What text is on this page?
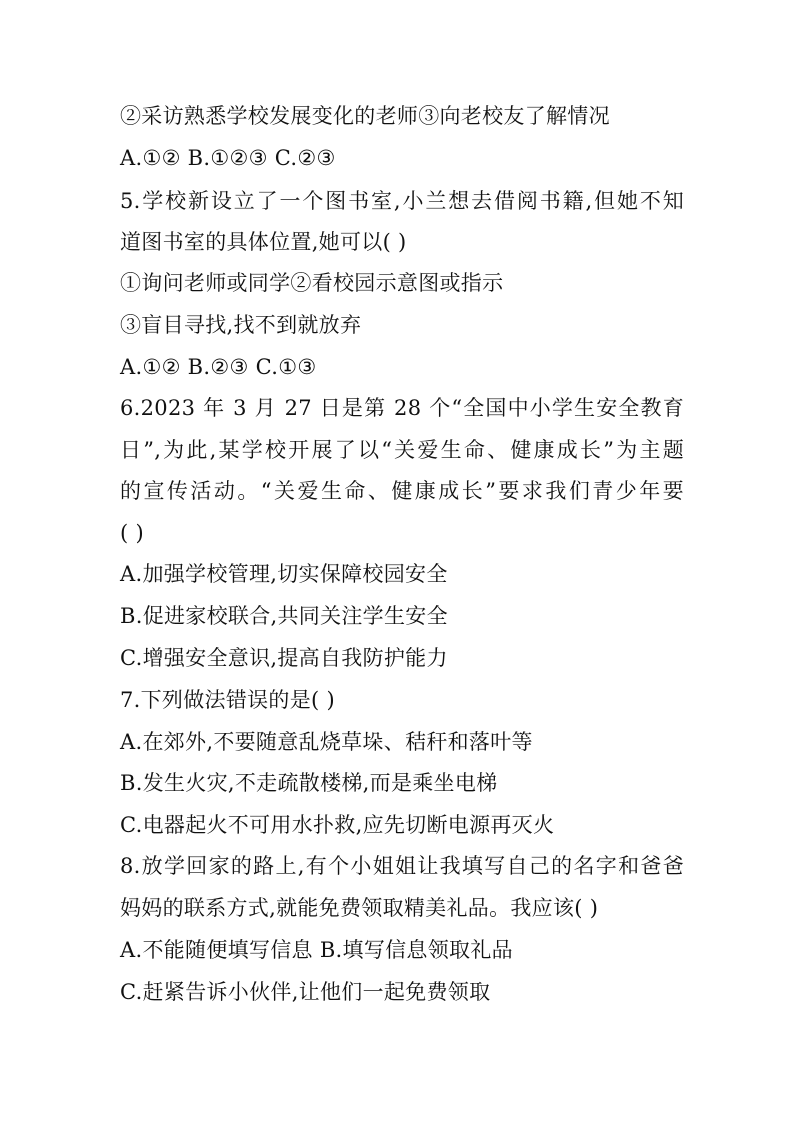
②采访熟悉学校发展变化的老师③向老校友了解情况
A.①② B.①②③ C.②③
5.学校新设立了一个图书室,小兰想去借阅书籍,但她不知
道图书室的具体位置,她可以( )
①询问老师或同学②看校园示意图或指示
③盲目寻找,找不到就放弃
A.①② B.②③ C.①③
6.2023 年 3 月 27 日是第 28 个“全国中小学生安全教育
日”,为此,某学校开展了以“关爱生命、健康成长”为主题
的宣传活动。“关爱生命、健康成长”要求我们青少年要
( )
A.加强学校管理,切实保障校园安全
B.促进家校联合,共同关注学生安全
C.增强安全意识,提高自我防护能力
7.下列做法错误的是( )
A.在郊外,不要随意乱烧草垛、秸秆和落叶等
B.发生火灾,不走疏散楼梯,而是乘坐电梯
C.电器起火不可用水扑救,应先切断电源再灭火
8.放学回家的路上,有个小姐姐让我填写自己的名字和爸爸
妈妈的联系方式,就能免费领取精美礼品。我应该( )
A.不能随便填写信息 B.填写信息领取礼品
C.赶紧告诉小伙伴,让他们一起免费领取
